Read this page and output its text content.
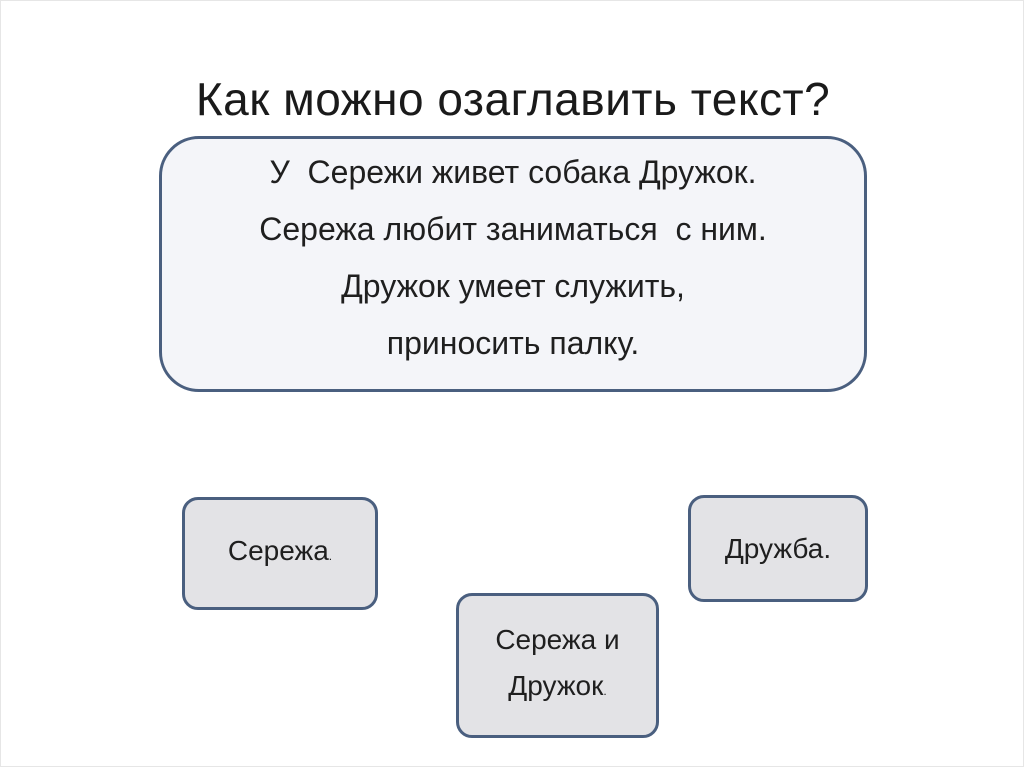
Как можно озаглавить текст?
У  Сережи живет собака Дружок.
Сережа любит заниматься  с ним.
Дружок умеет служить,
приносить палку.
Сережа.	Дружба.
Сережа и
Дружок.
